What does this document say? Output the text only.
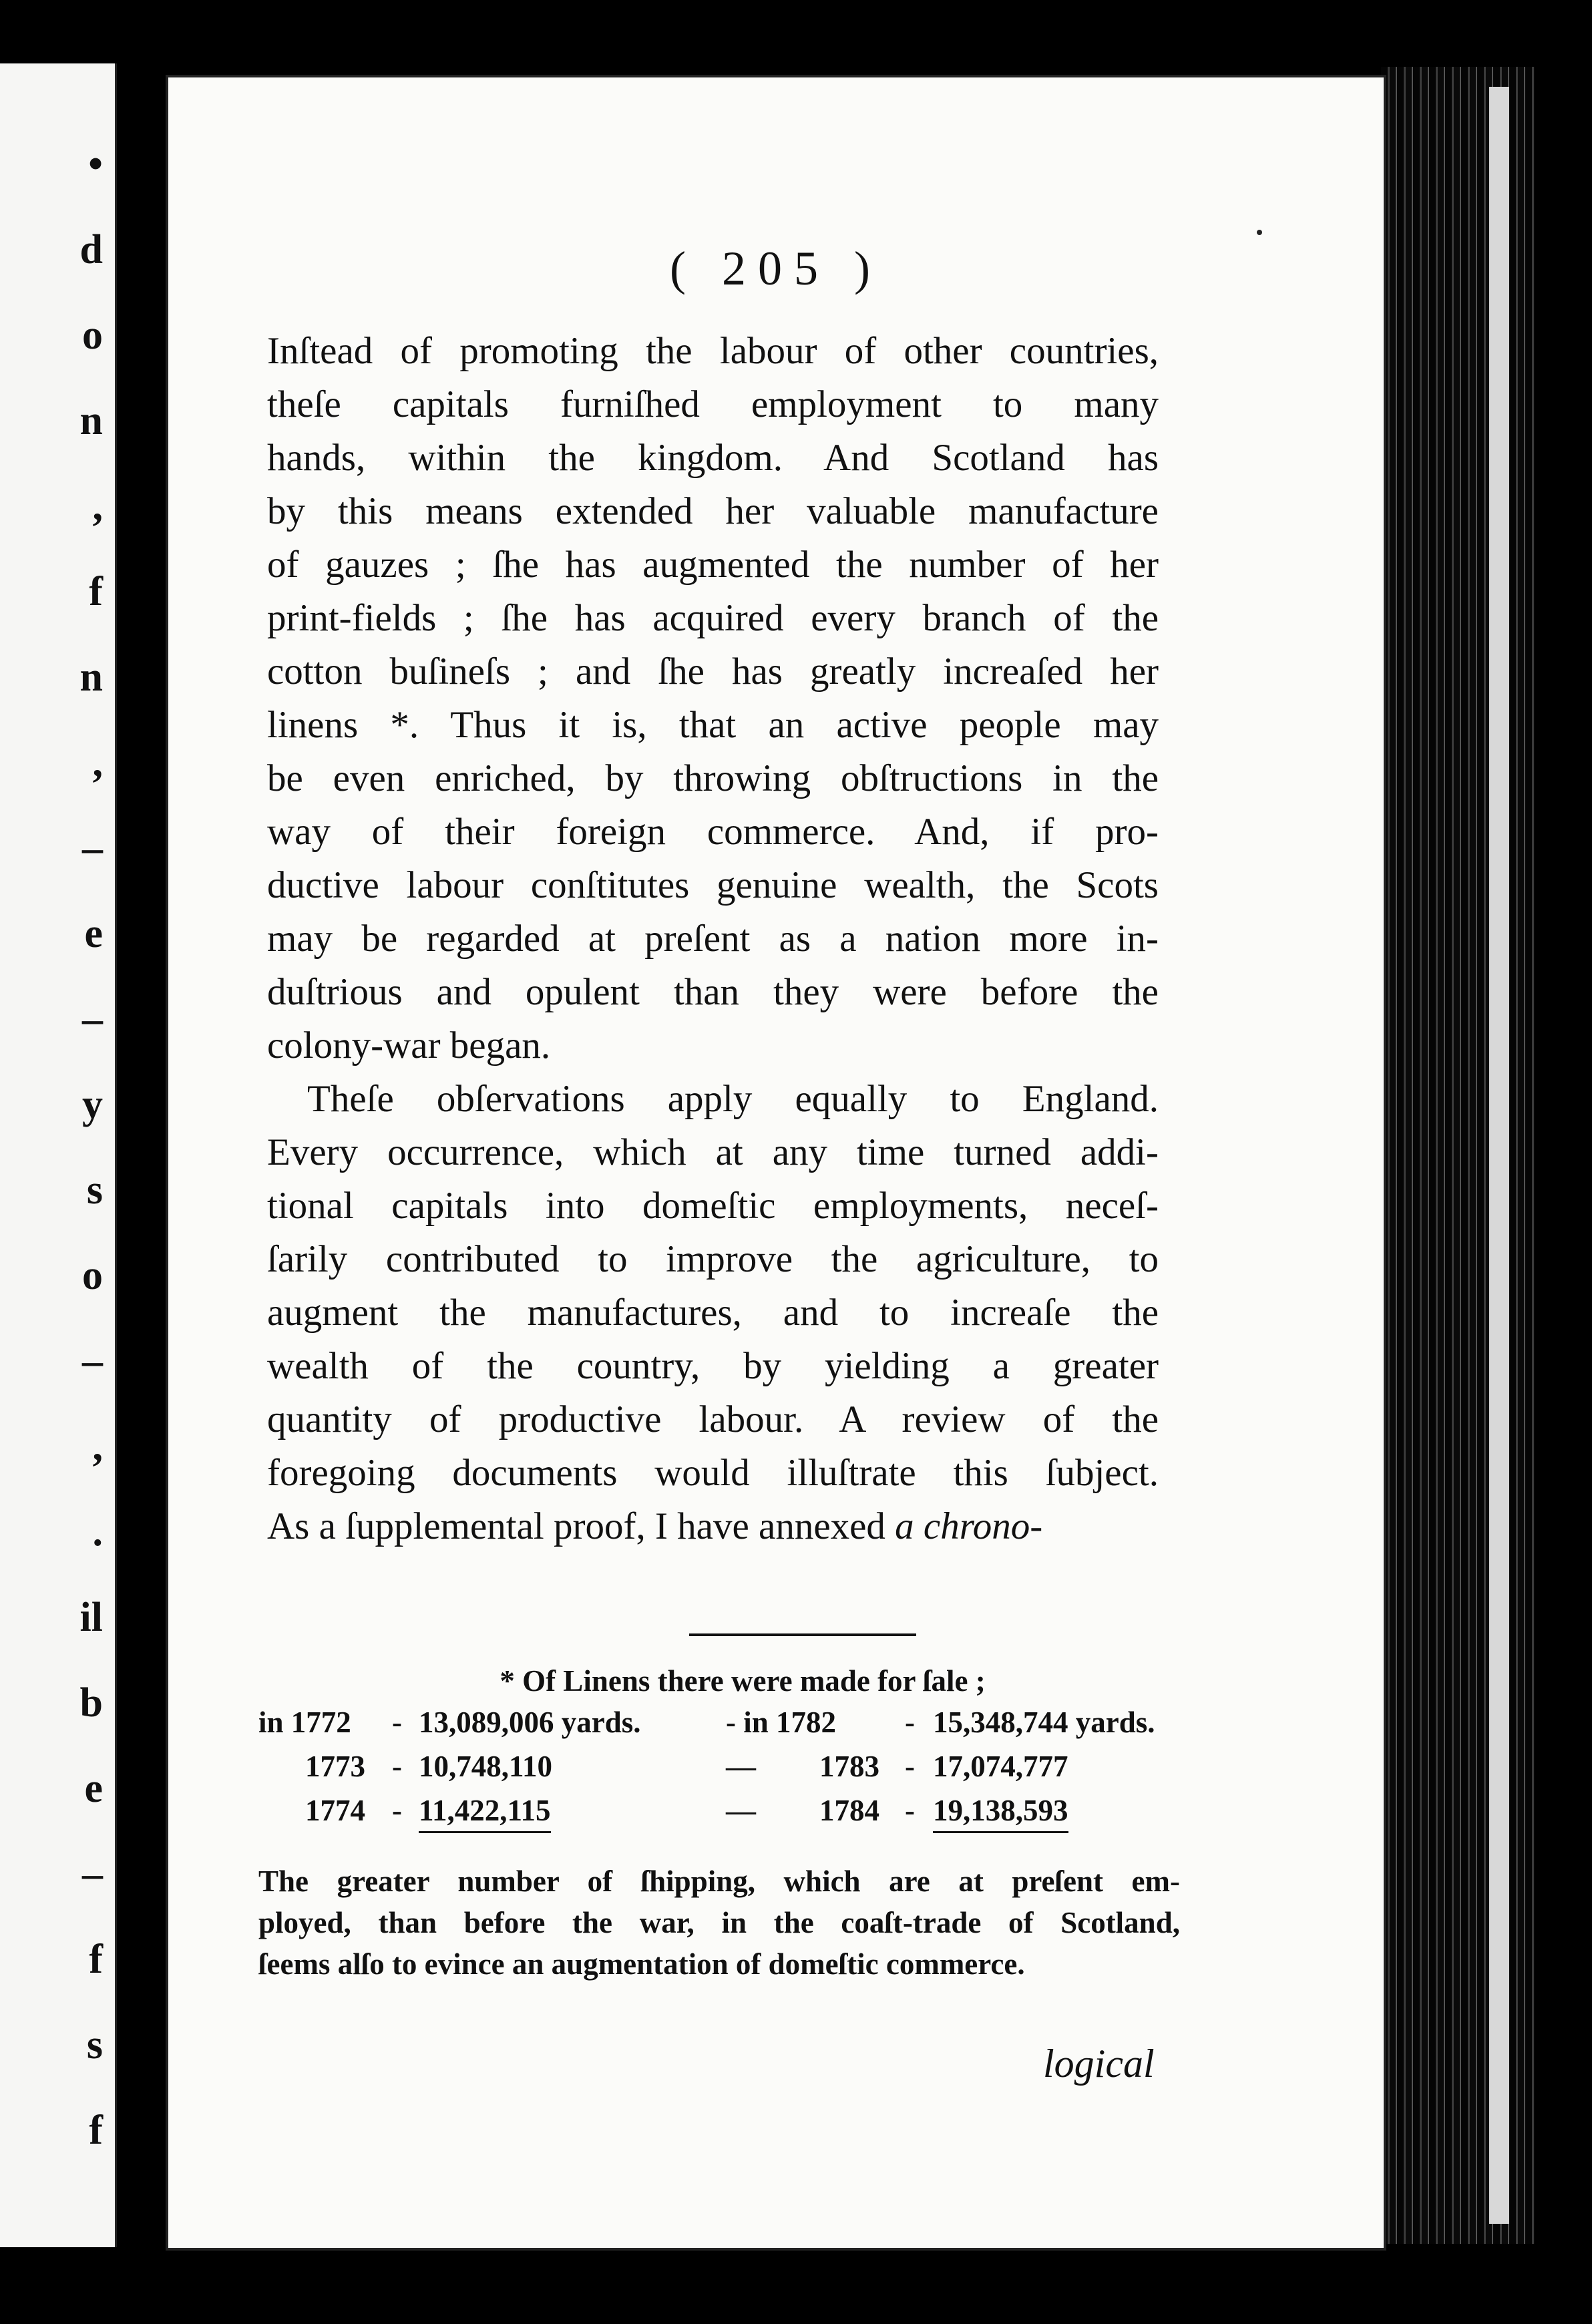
•
d
o
n
,
f
n
,
–
e
–
y
s
o
–
,
.
il
b
e
–
f
s
f
( 205 )
Inſtead of promoting the labour of other countries,
theſe capitals furniſhed employment to many
hands, within the kingdom. And Scotland has
by this means extended her valuable manufacture
of gauzes ; ſhe has augmented the number of her
print-fields ; ſhe has acquired every branch of the
cotton buſineſs ; and ſhe has greatly increaſed her
linens *. Thus it is, that an active people may
be even enriched, by throwing obſtructions in the
way of their foreign commerce. And, if pro-
ductive labour conſtitutes genuine wealth, the Scots
may be regarded at preſent as a nation more in-
duſtrious and opulent than they were before the
colony-war began.
Theſe obſervations apply equally to England.
Every occurrence, which at any time turned addi-
tional capitals into domeſtic employments, neceſ-
ſarily contributed to improve the agriculture, to
augment the manufactures, and to increaſe the
wealth of the country, by yielding a greater
quantity of productive labour. A review of the
foregoing documents would illuſtrate this ſubject.
As a ſupplemental proof, I have annexed a chrono-
* Of Linens there were made for ſale ;
in 1772 - 13,089,006 yards.	- in 1782 - 15,348,744 yards.
1773 - 10,748,110	— 1783 - 17,074,777
1774 - 11,422,115	— 1784 - 19,138,593
The greater number of ſhipping, which are at preſent em-
ployed, than before the war, in the coaſt-trade of Scotland,
ſeems alſo to evince an augmentation of domeſtic commerce.
logical
